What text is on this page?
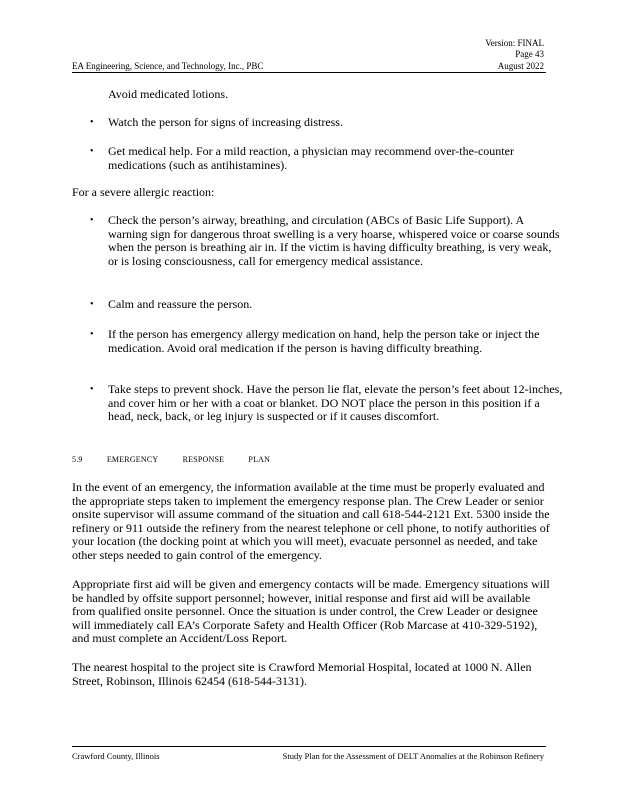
Version: FINAL
Page 43
EA Engineering, Science, and Technology, Inc., PBC	August 2022
Avoid medicated lotions.
• Watch the person for signs of increasing distress.
• Get medical help. For a mild reaction, a physician may recommend over-the-counter medications (such as antihistamines).
For a severe allergic reaction:
• Check the person’s airway, breathing, and circulation (ABCs of Basic Life Support). A warning sign for dangerous throat swelling is a very hoarse, whispered voice or coarse sounds when the person is breathing air in. If the victim is having difficulty breathing, is very weak, or is losing consciousness, call for emergency medical assistance.
• Calm and reassure the person.
• If the person has emergency allergy medication on hand, help the person take or inject the medication. Avoid oral medication if the person is having difficulty breathing.
• Take steps to prevent shock. Have the person lie flat, elevate the person’s feet about 12-inches, and cover him or her with a coat or blanket. DO NOT place the person in this position if a head, neck, back, or leg injury is suspected or if it causes discomfort.
5.9	EMERGENCY	RESPONSE	PLAN
In the event of an emergency, the information available at the time must be properly evaluated and the appropriate steps taken to implement the emergency response plan. The Crew Leader or senior onsite supervisor will assume command of the situation and call 618-544-2121 Ext. 5300 inside the refinery or 911 outside the refinery from the nearest telephone or cell phone, to notify authorities of your location (the docking point at which you will meet), evacuate personnel as needed, and take other steps needed to gain control of the emergency.
Appropriate first aid will be given and emergency contacts will be made. Emergency situations will be handled by offsite support personnel; however, initial response and first aid will be available from qualified onsite personnel. Once the situation is under control, the Crew Leader or designee will immediately call EA’s Corporate Safety and Health Officer (Rob Marcase at 410-329-5192), and must complete an Accident/Loss Report.
The nearest hospital to the project site is Crawford Memorial Hospital, located at 1000 N. Allen Street, Robinson, Illinois 62454 (618-544-3131).
Crawford County, Illinois	Study Plan for the Assessment of DELT Anomalies at the Robinson Refinery
